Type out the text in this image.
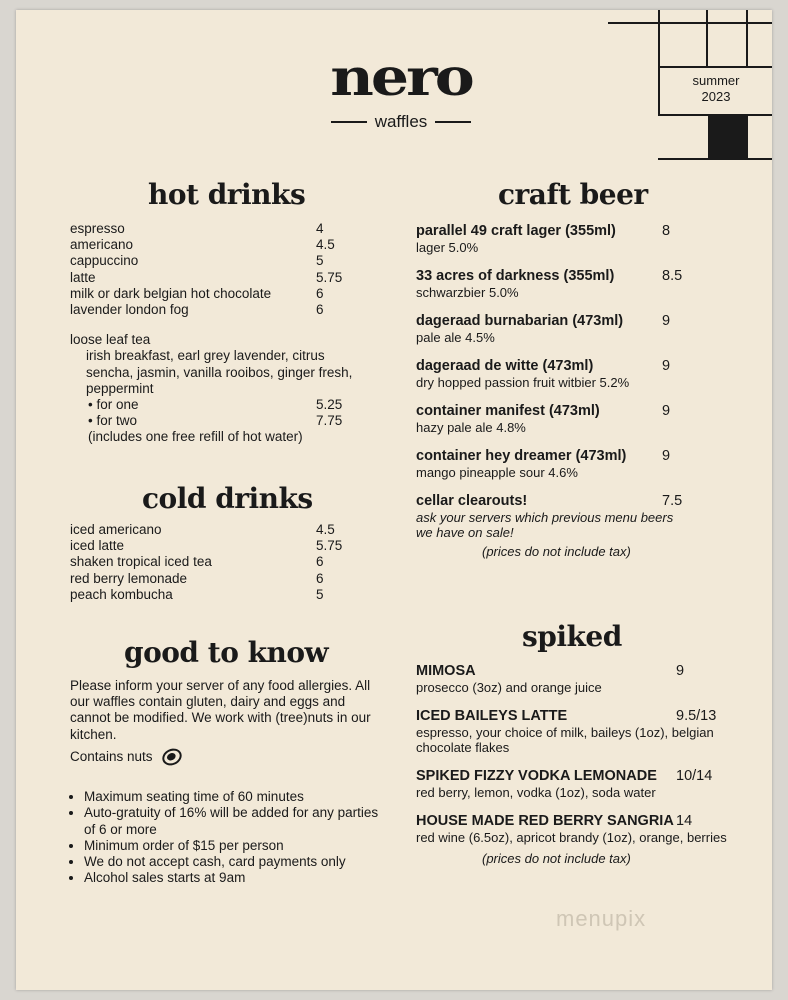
nero
waffles
summer
2023
hot drinks
espresso	4
americano	4.5
cappuccino	5
latte	5.75
milk or dark belgian hot chocolate	6
lavender london fog	6
loose leaf tea
irish breakfast, earl grey lavender, citrus sencha, jasmin, vanilla rooibos, ginger fresh, peppermint
• for one	5.25
• for two	7.75
(includes one free refill of hot water)
cold drinks
iced americano	4.5
iced latte	5.75
shaken tropical iced tea	6
red berry lemonade	6
peach kombucha	5
good to know

Please inform your server of any food allergies. All our waffles contain gluten, dairy and eggs and cannot be modified. We work with (tree)nuts in our kitchen.

Contains nuts

• Maximum seating time of 60 minutes
• Auto-gratuity of 16% will be added for any parties of 6 or more
• Minimum order of $15 per person
• We do not accept cash, card payments only
• Alcohol sales starts at 9am
craft beer
parallel 49 craft lager (355ml)	8
lager 5.0%
33 acres of darkness (355ml)	8.5
schwarzbier 5.0%
dageraad burnabarian (473ml)	9
pale ale 4.5%
dageraad de witte (473ml)	9
dry hopped passion fruit witbier 5.2%
container manifest (473ml)	9
hazy pale ale 4.8%
container hey dreamer (473ml)	9
mango pineapple sour 4.6%
cellar clearouts!	7.5
ask your servers which previous menu beers we have on sale!
(prices do not include tax)
spiked
MIMOSA	9
prosecco (3oz) and orange juice
ICED BAILEYS LATTE	9.5/13
espresso, your choice of milk, baileys (1oz), belgian chocolate flakes
SPIKED FIZZY VODKA LEMONADE	10/14
red berry, lemon, vodka (1oz), soda water
HOUSE MADE RED BERRY SANGRIA 14
red wine (6.5oz), apricot brandy (1oz), orange, berries
(prices do not include tax)
menupix
